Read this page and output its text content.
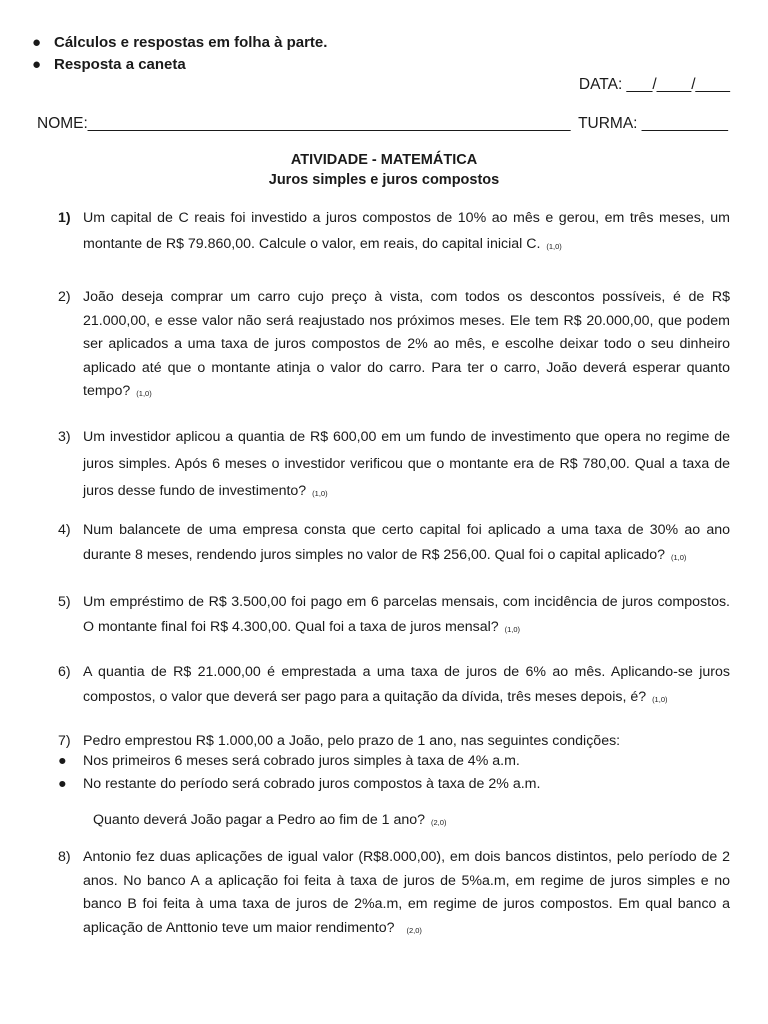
● Cálculos e respostas em folha à parte.
● Resposta a caneta
DATA: ___/____/____
NOME:________________________________________________________ TURMA: __________
ATIVIDADE - MATEMÁTICA
Juros simples e juros compostos
1) Um capital de C reais foi investido a juros compostos de 10% ao mês e gerou, em três meses, um montante de R$ 79.860,00. Calcule o valor, em reais, do capital inicial C. (1,0)
2) João deseja comprar um carro cujo preço à vista, com todos os descontos possíveis, é de R$ 21.000,00, e esse valor não será reajustado nos próximos meses. Ele tem R$ 20.000,00, que podem ser aplicados a uma taxa de juros compostos de 2% ao mês, e escolhe deixar todo o seu dinheiro aplicado até que o montante atinja o valor do carro. Para ter o carro, João deverá esperar quanto tempo? (1,0)
3) Um investidor aplicou a quantia de R$ 600,00 em um fundo de investimento que opera no regime de juros simples. Após 6 meses o investidor verificou que o montante era de R$ 780,00. Qual a taxa de juros desse fundo de investimento? (1,0)
4) Num balancete de uma empresa consta que certo capital foi aplicado a uma taxa de 30% ao ano durante 8 meses, rendendo juros simples no valor de R$ 256,00. Qual foi o capital aplicado? (1,0)
5) Um empréstimo de R$ 3.500,00 foi pago em 6 parcelas mensais, com incidência de juros compostos. O montante final foi R$ 4.300,00. Qual foi a taxa de juros mensal? (1,0)
6) A quantia de R$ 21.000,00 é emprestada a uma taxa de juros de 6% ao mês. Aplicando-se juros compostos, o valor que deverá ser pago para a quitação da dívida, três meses depois, é? (1,0)
7) Pedro emprestou R$ 1.000,00 a João, pelo prazo de 1 ano, nas seguintes condições:
● Nos primeiros 6 meses será cobrado juros simples à taxa de 4% a.m.
● No restante do período será cobrado juros compostos à taxa de 2% a.m.
Quanto deverá João pagar a Pedro ao fim de 1 ano? (2,0)
8) Antonio fez duas aplicações de igual valor (R$8.000,00), em dois bancos distintos, pelo período de 2 anos. No banco A a aplicação foi feita à taxa de juros de 5%a.m, em regime de juros simples e no banco B foi feita à uma taxa de juros de 2%a.m, em regime de juros compostos. Em qual banco a aplicação de Anttonio teve um maior rendimento? (2,0)
